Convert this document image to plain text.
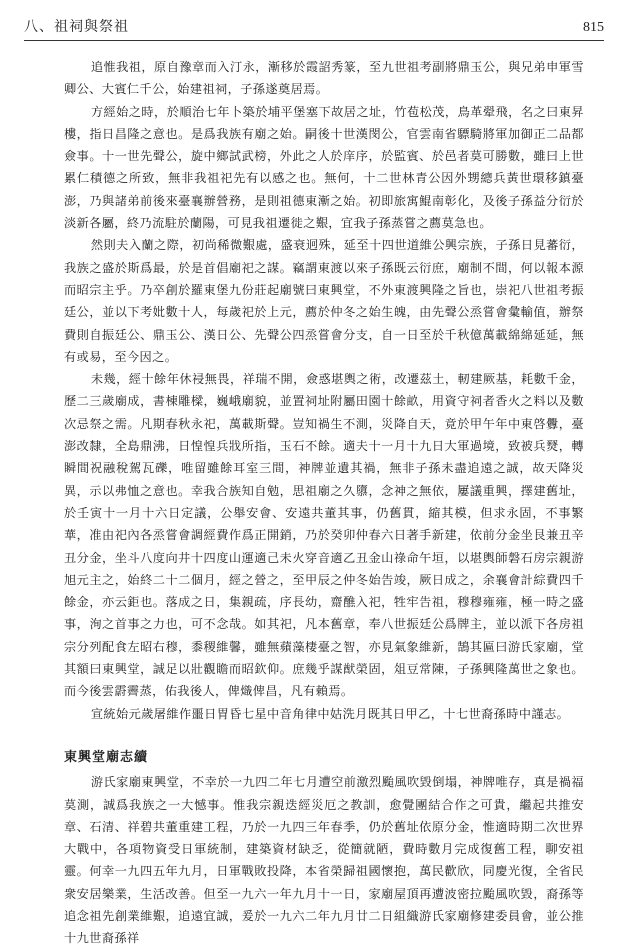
八、祖祠與祭祖	815

追惟我祖，原自豫章而入汀永，漸移於霞詔秀篆，至九世祖考副將鼎玉公，與兄弟申軍雪卿公、大賓仁千公，始建祖祠，子孫遂奠居焉。

方經始之時，於順治七年卜築於埔平堡塞下故居之址，竹苞松茂，鳥革翚飛，名之曰東昇樓，指日昌隆之意也。是爲我族有廟之始。嗣後十世漢閔公，官雲南省驃騎將軍加御正二品都僉事。十一世先聲公，旋中鄉試武榜，外此之人於庠序，於監賓、於邑者莫可勝數，雖曰上世累仁積德之所致，無非我祖祀先有以感之也。無何，十二世林青公因外甥總兵黃世環移鎮臺澎，乃與諸弟前後來臺襄辦營務，是則祖德東漸之始。初即旅寓鯤南彰化，及後子孫益分衍於淡新各屬，終乃流駐於蘭陽，可見我祖遷徙之艱，宜我子孫蒸嘗之薦莫急也。

然則夫入蘭之際，初尚稀微艱處，盛衰迥殊，延至十四世道維公興宗族，子孫日見蕃衍，我族之盛於斯爲最，於是首倡廟祀之謀。竊謂東渡以來子孫既云衍庶，廟制不間，何以報本源而昭宗主乎。乃卒創於羅東堡九份莊起廟號曰東興堂，不外東渡興隆之旨也，崇祀八世祖考振廷公，並以下考妣數十人，每歲祀於上元，薦於仲冬之始生魄，由先聲公烝嘗會彙輸值，辦祭費則自振廷公、鼎玉公、漢日公、先聲公四烝嘗會分支，自一日至於千秋億萬載綿綿延延，無有或易，至今因之。

未幾，經十餘年休祲無畏，祥瑞不開，僉惑堪輿之術，改遷茲土，軔建厥基，耗數千金，歷二三歲廟成，書棟雕樑，巍峨廟貌，並置祠址附屬田園十餘畝，用資守祠者香火之料以及數次忌祭之需。凡期春秋永祀，萬載斯聲。豈知禍生不測，災降自天，竟於甲午年中東啓釁，臺澎改隸，全島鼎沸，日惶惶兵戕所指，玉石不餘。適夫十一月十九日大軍過境，致被兵燹，轉瞬間祝融稅駕瓦礫，唯留雖餘耳室三間，神牌並遺其禍，無非子孫未盡追遠之誠，故天降災異，示以弗恤之意也。幸我合族知自勉，思祖廟之久隳，念神之無依，屢議重興，擇建舊址，於壬寅十一月十六日定議，公舉安會、安遠共董其事，仍舊貫，縮其模，但求永固，不事繁華，准由祀內各烝嘗會調經費作爲正開銷，乃於癸卯仲春六日著手新建，依前分金坐艮兼丑辛丑分金，坐斗八度向井十四度山運適己未火穿音適乙丑金山祿命午垣，以堪輿師磐石房宗親游旭元主之，始終二十二個月，經之營之，至甲辰之仲冬始告竣，厥日成之，余襄會計綜費四千餘金，亦云鉅也。落成之日，集親疏，序長幼，齋醮入祀，牲牢告祖，穆穆雍雍，極一時之盛事，洵之首事之力也，可不念哉。如其祀，凡本舊章，奉八世振廷公爲牌主，並以派下各房祖宗分列配食左昭右穆，黍稷維馨，雖無蘋藻棲臺之智，亦見氣象維新，鵠其匾曰游氏家廟，堂其額曰東興堂，誠足以壯觀瞻而昭欽仰。庶幾乎謀猷榮固，俎豆常陳，子孫興隆萬世之象也。而今後雲霨霽蒸，佑我後人，俾熾俾昌，凡有賴焉。

宣統始元歲屠維作噩日胃昏七星中音角律中姑洗月既其日甲乙，十七世裔孫時中謹志。

東興堂廟志續

游氏家廟東興堂，不幸於一九四二年七月遭空前激烈颱風吹毀倒塌，神牌唯存，真是禍福莫測，誠爲我族之一大憾事。惟我宗親迭經災厄之教訓，愈覺團結合作之可貴，繼起共推安章、石清、祥碧共董重建工程，乃於一九四三年春季，仍於舊址依原分金，惟適時期二次世界大戰中，各項物資受日軍統制，建築資材缺乏，從簡就陋，費時數月完成復舊工程，聊安祖靈。何幸一九四五年九月，日軍戰敗投降，本省榮歸祖國懷抱，萬民歡欣，同慶光復，全省民衆安居樂業，生活改善。但至一九六一年九月十一日，家廟屋頂再遭波密拉颱風吹毀，裔孫等追念祖先創業維艱，追遠宜誠，爰於一九六二年九月廿二日組織游氏家廟修建委員會，並公推十九世裔孫祥
